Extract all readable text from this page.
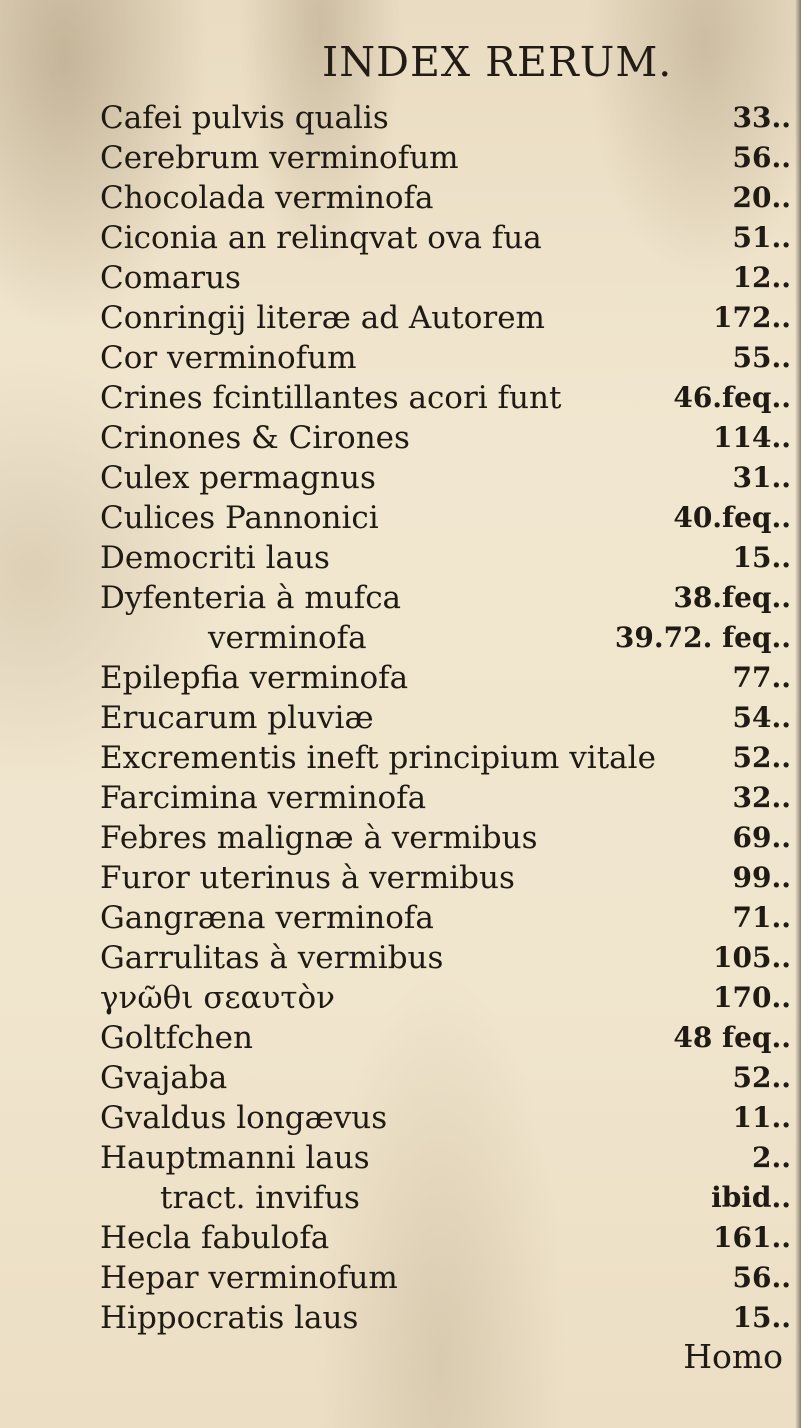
INDEX RERUM.
Cafei pulvis qualis	33..
Cerebrum verminofum	56..
Chocolada verminofa	20..
Ciconia an relinqvat ova fua	51..
Comarus	12..
Conringij literæ ad Autorem	172..
Cor verminofum	55..
Crines fcintillantes acori funt	46.feq..
Crinones & Cirones	114..
Culex permagnus	31..
Culices Pannonici	40.feq..
Democriti laus	15..
Dyfenteria à mufca	38.feq..
verminofa	39.72. feq..
Epilepfia verminofa	77..
Erucarum pluviæ	54..
Excrementis ineft principium vitale	52..
Farcimina verminofa	32..
Febres malignæ à vermibus	69..
Furor uterinus à vermibus	99..
Gangræna verminofa	71..
Garrulitas à vermibus	105..
γνῶθι σεαυτὸν	170..
Goltfchen	48 feq..
Gvajaba	52..
Gvaldus longævus	11..
Hauptmanni laus	2..
tract. invifus	ibid..
Hecla fabulofa	161..
Hepar verminofum	56..
Hippocratis laus	15..
Homo
